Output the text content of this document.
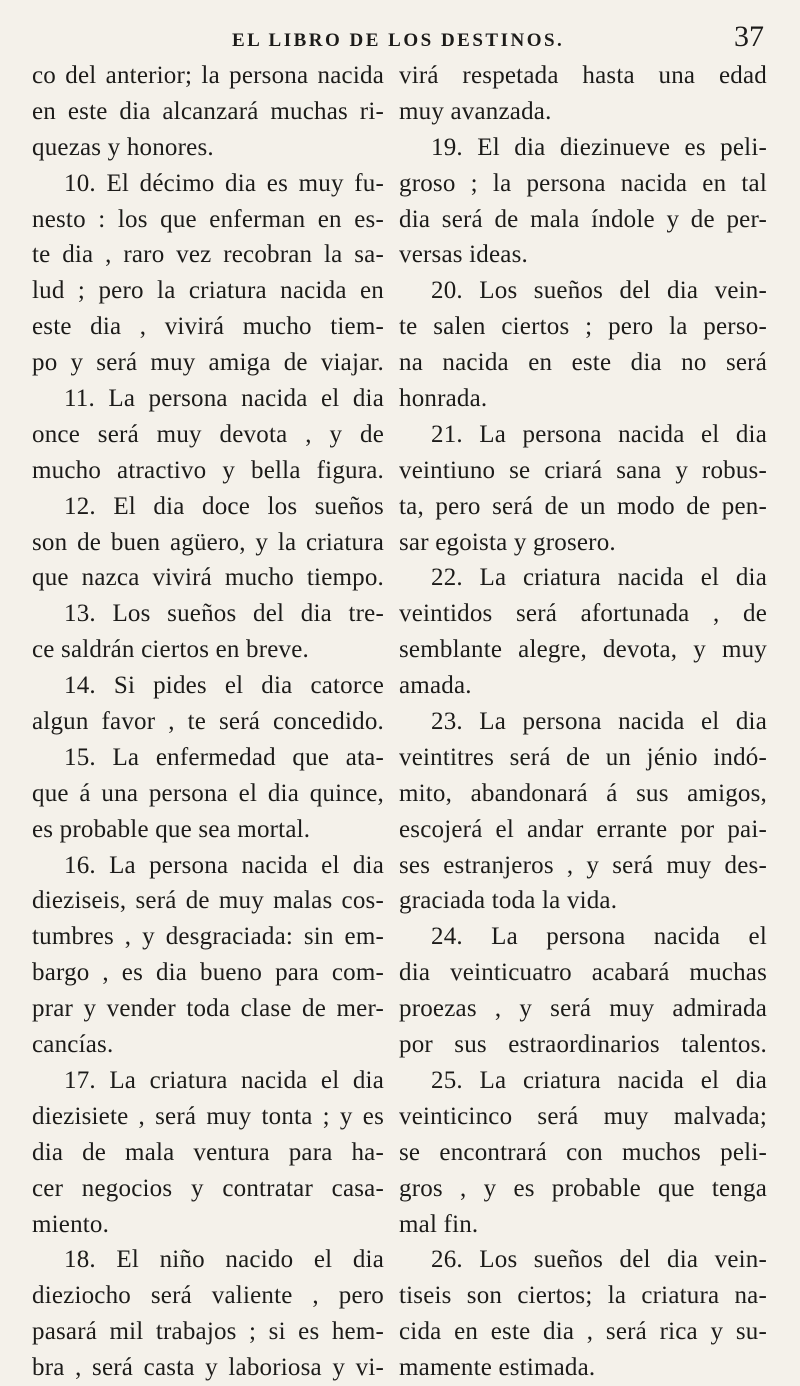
EL LIBRO DE LOS DESTINOS.	37
co del anterior; la persona nacida
en este dia alcanzará muchas ri-
quezas y honores.
10. El décimo dia es muy fu-
nesto : los que enferman en es-
te dia , raro vez recobran la sa-
lud ; pero la criatura nacida en
este dia , vivirá mucho tiem-
po y será muy amiga de viajar.
11. La persona nacida el dia
once será muy devota , y de
mucho atractivo y bella figura.
12. El dia doce los sueños
son de buen agüero, y la criatura
que nazca vivirá mucho tiempo.
13. Los sueños del dia tre-
ce saldrán ciertos en breve.
14. Si pides el dia catorce
algun favor , te será concedido.
15. La enfermedad que ata-
que á una persona el dia quince,
es probable que sea mortal.
16. La persona nacida el dia
dieziseis, será de muy malas cos-
tumbres , y desgraciada: sin em-
bargo , es dia bueno para com-
prar y vender toda clase de mer-
cancías.
17. La criatura nacida el dia
diezisiete , será muy tonta ; y es
dia de mala ventura para ha-
cer negocios y contratar casa-
miento.
18. El niño nacido el dia
dieziocho será valiente , pero
pasará mil trabajos ; si es hem-
bra , será casta y laboriosa y vi-
virá respetada hasta una edad
muy avanzada.
19. El dia diezinueve es peli-
groso ; la persona nacida en tal
dia será de mala índole y de per-
versas ideas.
20. Los sueños del dia vein-
te salen ciertos ; pero la perso-
na nacida en este dia no será
honrada.
21. La persona nacida el dia
veintiuno se criará sana y robus-
ta, pero será de un modo de pen-
sar egoista y grosero.
22. La criatura nacida el dia
veintidos será afortunada , de
semblante alegre, devota, y muy
amada.
23. La persona nacida el dia
veintitres será de un jénio indó-
mito, abandonará á sus amigos,
escojerá el andar errante por pai-
ses estranjeros , y será muy des-
graciada toda la vida.
24. La persona nacida el
dia veinticuatro acabará muchas
proezas , y será muy admirada
por sus estraordinarios talentos.
25. La criatura nacida el dia
veinticinco será muy malvada;
se encontrará con muchos peli-
gros , y es probable que tenga
mal fin.
26. Los sueños del dia vein-
tiseis son ciertos; la criatura na-
cida en este dia , será rica y su-
mamente estimada.
